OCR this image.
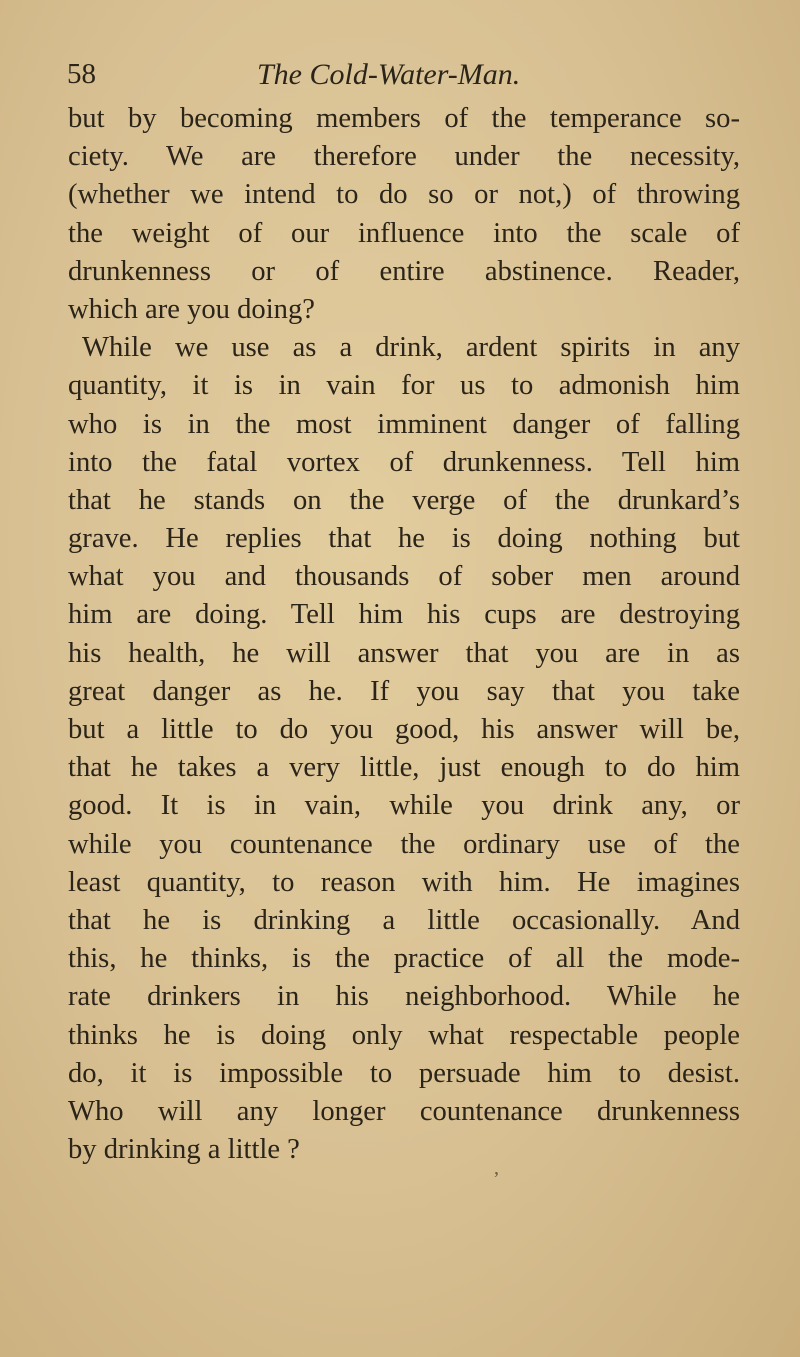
58	The Cold-Water-Man.
but by becoming members of the temperance so-
ciety. We are therefore under the necessity,
(whether we intend to do so or not,) of throwing
the weight of our influence into the scale of
drunkenness or of entire abstinence. Reader,
which are you doing?
While we use as a drink, ardent spirits in any
quantity, it is in vain for us to admonish him
who is in the most imminent danger of falling
into the fatal vortex of drunkenness. Tell him
that he stands on the verge of the drunkard’s
grave. He replies that he is doing nothing but
what you and thousands of sober men around
him are doing. Tell him his cups are destroying
his health, he will answer that you are in as
great danger as he. If you say that you take
but a little to do you good, his answer will be,
that he takes a very little, just enough to do him
good. It is in vain, while you drink any, or
while you countenance the ordinary use of the
least quantity, to reason with him. He imagines
that he is drinking a little occasionally. And
this, he thinks, is the practice of all the mode-
rate drinkers in his neighborhood. While he
thinks he is doing only what respectable people
do, it is impossible to persuade him to desist.
Who will any longer countenance drunkenness
by drinking a little ?
‚
